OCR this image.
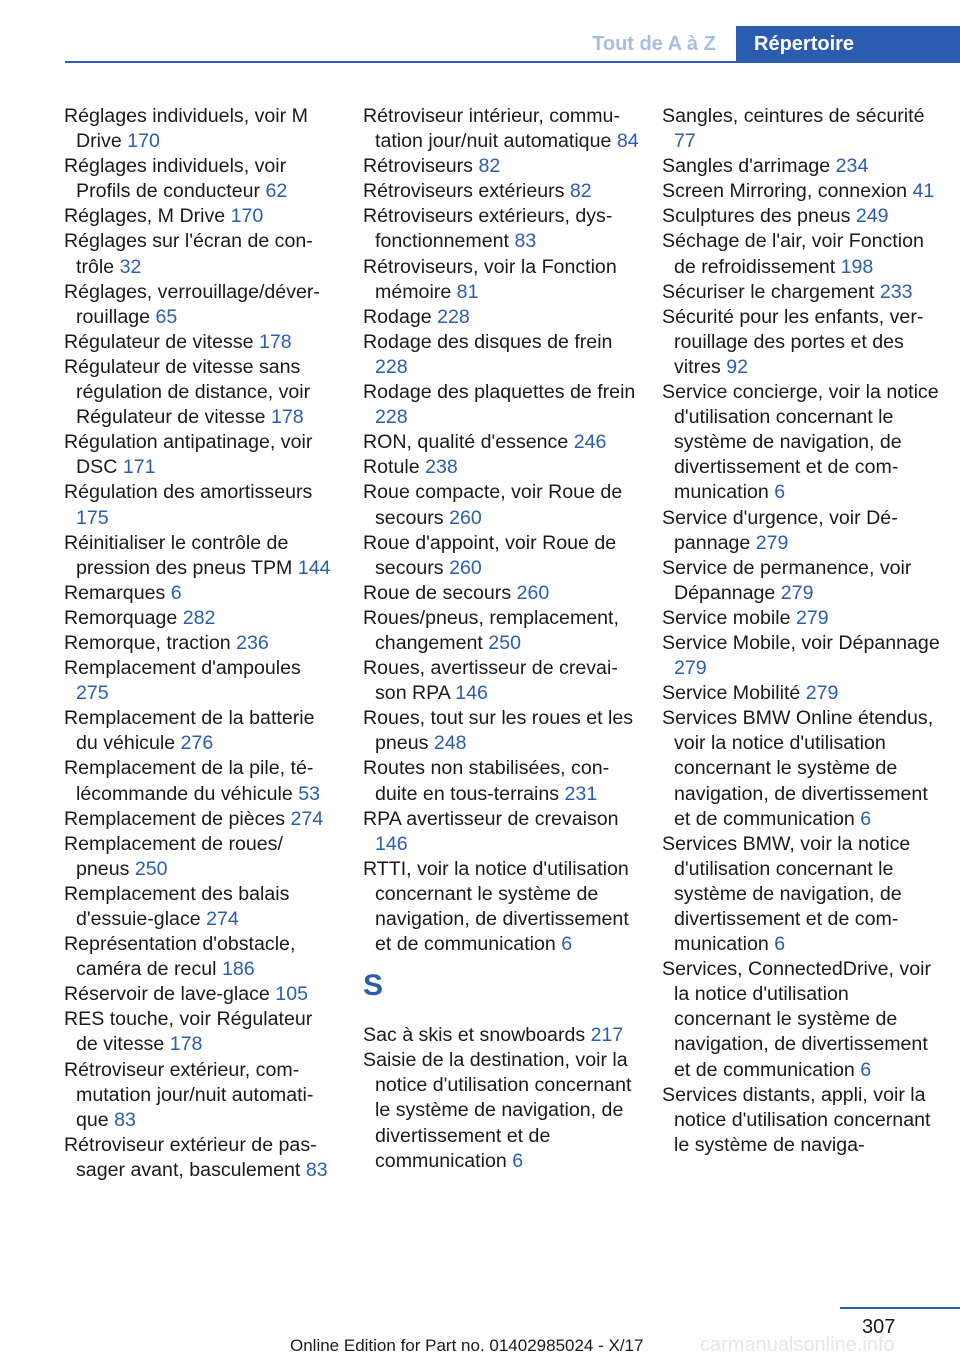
Tout de A à Z	Répertoire
Réglages individuels, voir M Drive 170
Réglages individuels, voir Profils de conducteur 62
Réglages, M Drive 170
Réglages sur l'écran de contrôle 32
Réglages, verrouillage/déverrouillage 65
Régulateur de vitesse 178
Régulateur de vitesse sans régulation de distance, voir Régulateur de vitesse 178
Régulation antipatinage, voir DSC 171
Régulation des amortisseurs 175
Réinitialiser le contrôle de pression des pneus TPM 144
Remarques 6
Remorquage 282
Remorque, traction 236
Remplacement d'ampoules 275
Remplacement de la batterie du véhicule 276
Remplacement de la pile, télécommande du véhicule 53
Remplacement de pièces 274
Remplacement de roues/ pneus 250
Remplacement des balais d'essuie-glace 274
Représentation d'obstacle, caméra de recul 186
Réservoir de lave-glace 105
RES touche, voir Régulateur de vitesse 178
Rétroviseur extérieur, commutation jour/nuit automatique 83
Rétroviseur extérieur de passager avant, basculement 83
Rétroviseur intérieur, commutation jour/nuit automatique 84
Rétroviseurs 82
Rétroviseurs extérieurs 82
Rétroviseurs extérieurs, dysfonctionnement 83
Rétroviseurs, voir la Fonction mémoire 81
Rodage 228
Rodage des disques de frein 228
Rodage des plaquettes de frein 228
RON, qualité d'essence 246
Rotule 238
Roue compacte, voir Roue de secours 260
Roue d'appoint, voir Roue de secours 260
Roue de secours 260
Roues/pneus, remplacement, changement 250
Roues, avertisseur de crevaison RPA 146
Roues, tout sur les roues et les pneus 248
Routes non stabilisées, conduite en tous-terrains 231
RPA avertisseur de crevaison 146
RTTI, voir la notice d'utilisation concernant le système de navigation, de divertissement et de communication 6
S
Sac à skis et snowboards 217
Saisie de la destination, voir la notice d'utilisation concernant le système de navigation, de divertissement et de communication 6
Sangles, ceintures de sécurité 77
Sangles d'arrimage 234
Screen Mirroring, connexion 41
Sculptures des pneus 249
Séchage de l'air, voir Fonction de refroidissement 198
Sécuriser le chargement 233
Sécurité pour les enfants, verrouillage des portes et des vitres 92
Service concierge, voir la notice d'utilisation concernant le système de navigation, de divertissement et de communication 6
Service d'urgence, voir Dépannage 279
Service de permanence, voir Dépannage 279
Service mobile 279
Service Mobile, voir Dépannage 279
Service Mobilité 279
Services BMW Online étendus, voir la notice d'utilisation concernant le système de navigation, de divertissement et de communication 6
Services BMW, voir la notice d'utilisation concernant le système de navigation, de divertissement et de communication 6
Services, ConnectedDrive, voir la notice d'utilisation concernant le système de navigation, de divertissement et de communication 6
Services distants, appli, voir la notice d'utilisation concernant le système de naviga-
307
Online Edition for Part no. 01402985024 - X/17	carmanualsonline.info
